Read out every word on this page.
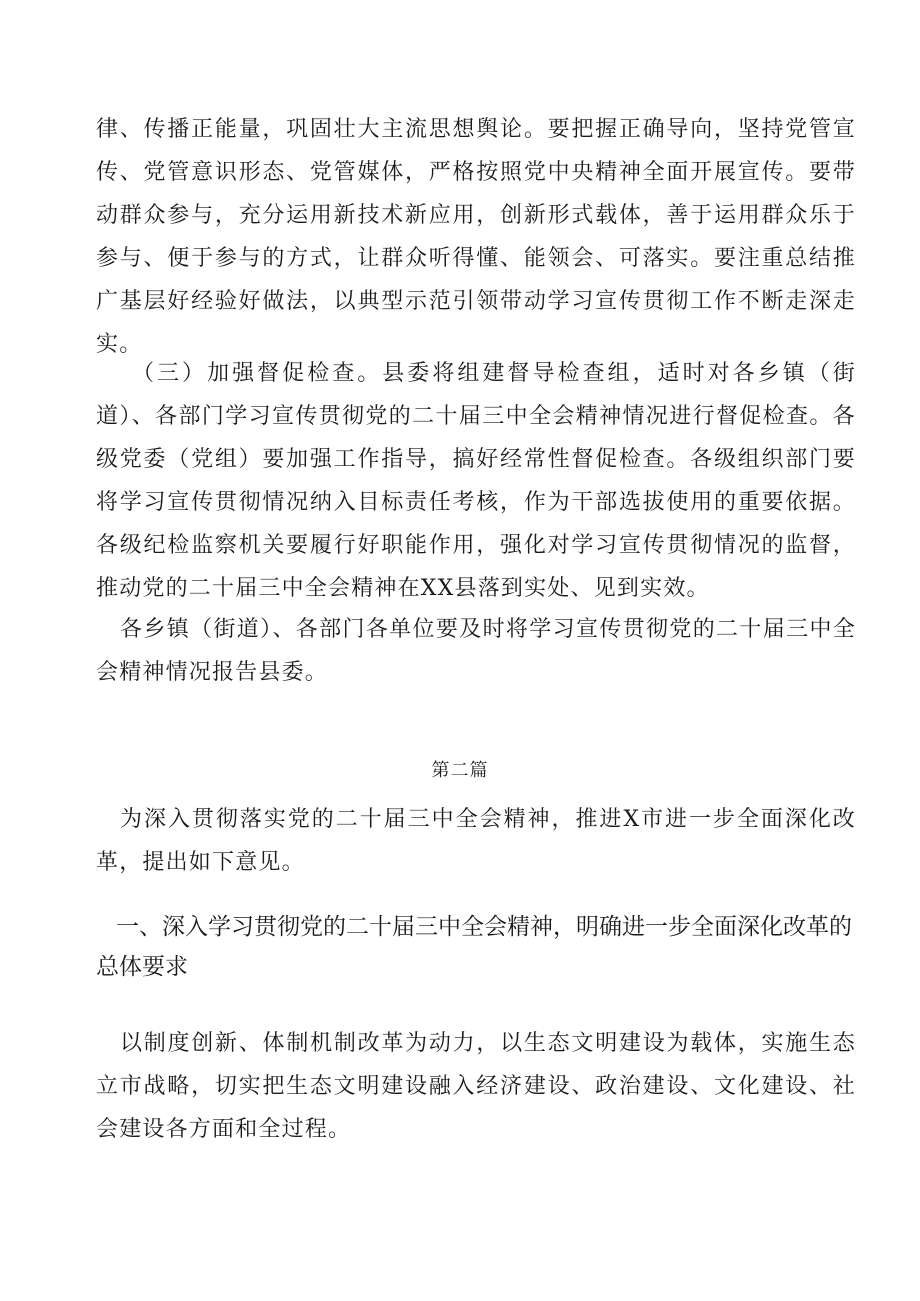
律、传播正能量，巩固壮大主流思想舆论。要把握正确导向，坚持党管宣传、党管意识形态、党管媒体，严格按照党中央精神全面开展宣传。要带动群众参与，充分运用新技术新应用，创新形式载体，善于运用群众乐于参与、便于参与的方式，让群众听得懂、能领会、可落实。要注重总结推广基层好经验好做法，以典型示范引领带动学习宣传贯彻工作不断走深走实。

（三）加强督促检查。县委将组建督导检查组，适时对各乡镇（街道）、各部门学习宣传贯彻党的二十届三中全会精神情况进行督促检查。各级党委（党组）要加强工作指导，搞好经常性督促检查。各级组织部门要将学习宣传贯彻情况纳入目标责任考核，作为干部选拔使用的重要依据。各级纪检监察机关要履行好职能作用，强化对学习宣传贯彻情况的监督，推动党的二十届三中全会精神在XX县落到实处、见到实效。

各乡镇（街道）、各部门各单位要及时将学习宣传贯彻党的二十届三中全会精神情况报告县委。

第二篇

为深入贯彻落实党的二十届三中全会精神，推进X市进一步全面深化改革，提出如下意见。

一、深入学习贯彻党的二十届三中全会精神，明确进一步全面深化改革的总体要求

以制度创新、体制机制改革为动力，以生态文明建设为载体，实施生态立市战略，切实把生态文明建设融入经济建设、政治建设、文化建设、社会建设各方面和全过程。
